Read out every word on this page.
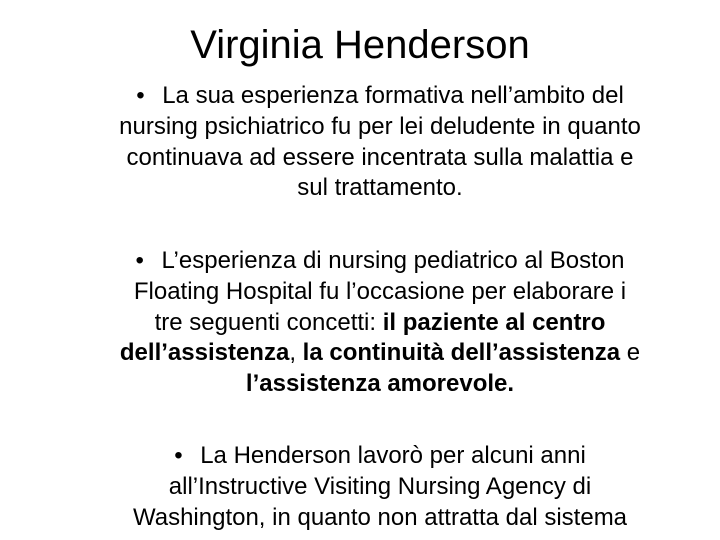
Virginia Henderson

• La sua esperienza formativa nell’ambito del
nursing psichiatrico fu per lei deludente in quanto
continuava ad essere incentrata sulla malattia e
sul trattamento.

• L’esperienza di nursing pediatrico al Boston
Floating Hospital fu l’occasione per elaborare i
tre seguenti concetti: il paziente al centro
dell’assistenza, la continuità dell’assistenza e
l’assistenza amorevole.

• La Henderson lavorò per alcuni anni
all’Instructive Visiting Nursing Agency di
Washington, in quanto non attratta dal sistema
